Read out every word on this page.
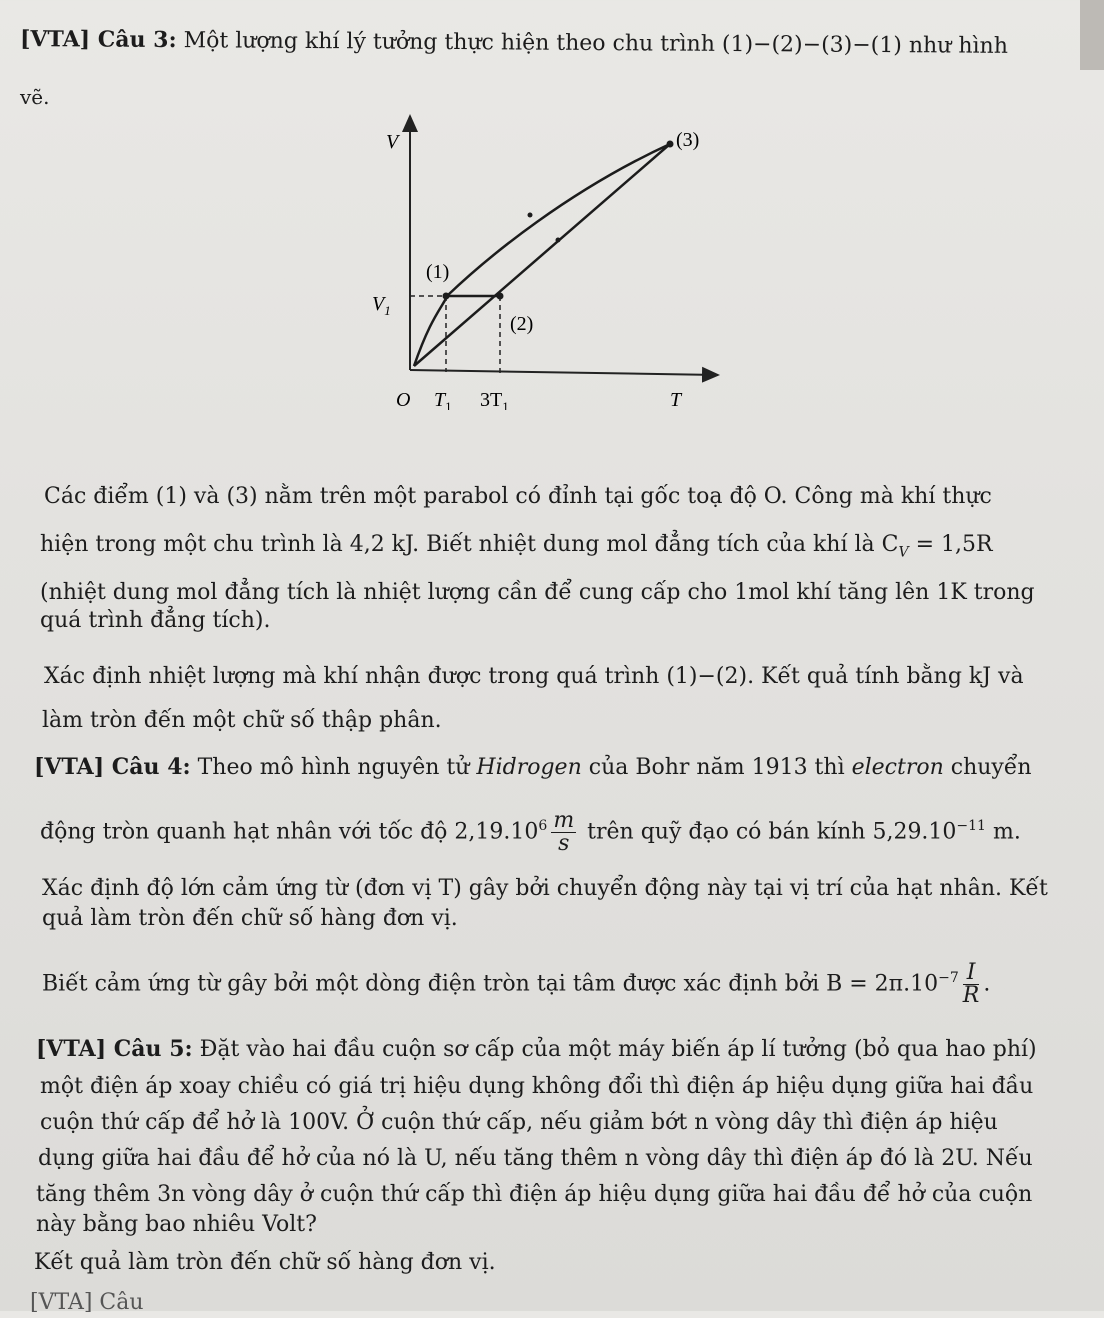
[VTA] Câu 3: Một lượng khí lý tưởng thực hiện theo chu trình (1)−(2)−(3)−(1) như hình
vẽ.
V
T
O
$V_1$
$T_1$ $3T_1$
(1)
(2)
(3)
Các điểm (1) và (3) nằm trên một parabol có đỉnh tại gốc toạ độ O. Công mà khí thực
hiện trong một chu trình là 4,2 kJ. Biết nhiệt dung mol đẳng tích của khí là $C_V = 1,5R$
(nhiệt dung mol đẳng tích là nhiệt lượng cần để cung cấp cho 1mol khí tăng lên 1K trong
quá trình đẳng tích).
Xác định nhiệt lượng mà khí nhận được trong quá trình (1)−(2). Kết quả tính bằng kJ và
làm tròn đến một chữ số thập phân.
[VTA] Câu 4: Theo mô hình nguyên tử Hidrogen của Bohr năm 1913 thì electron chuyển
động tròn quanh hạt nhân với tốc độ $2,19.10^6 \frac{m}{s}$ trên quỹ đạo có bán kính $5,29.10^{-11}$ m.
Xác định độ lớn cảm ứng từ (đơn vị T) gây bởi chuyển động này tại vị trí của hạt nhân. Kết
quả làm tròn đến chữ số hàng đơn vị.
Biết cảm ứng từ gây bởi một dòng điện tròn tại tâm được xác định bởi $B = 2\pi.10^{-7} \frac{I}{R}$ .
[VTA] Câu 5: Đặt vào hai đầu cuộn sơ cấp của một máy biến áp lí tưởng (bỏ qua hao phí)
một điện áp xoay chiều có giá trị hiệu dụng không đổi thì điện áp hiệu dụng giữa hai đầu
cuộn thứ cấp để hở là 100V. Ở cuộn thứ cấp, nếu giảm bớt n vòng dây thì điện áp hiệu
dụng giữa hai đầu để hở của nó là U, nếu tăng thêm n vòng dây thì điện áp đó là 2U. Nếu
tăng thêm 3n vòng dây ở cuộn thứ cấp thì điện áp hiệu dụng giữa hai đầu để hở của cuộn
này bằng bao nhiêu Volt?
Kết quả làm tròn đến chữ số hàng đơn vị.
[VTA] Câu
